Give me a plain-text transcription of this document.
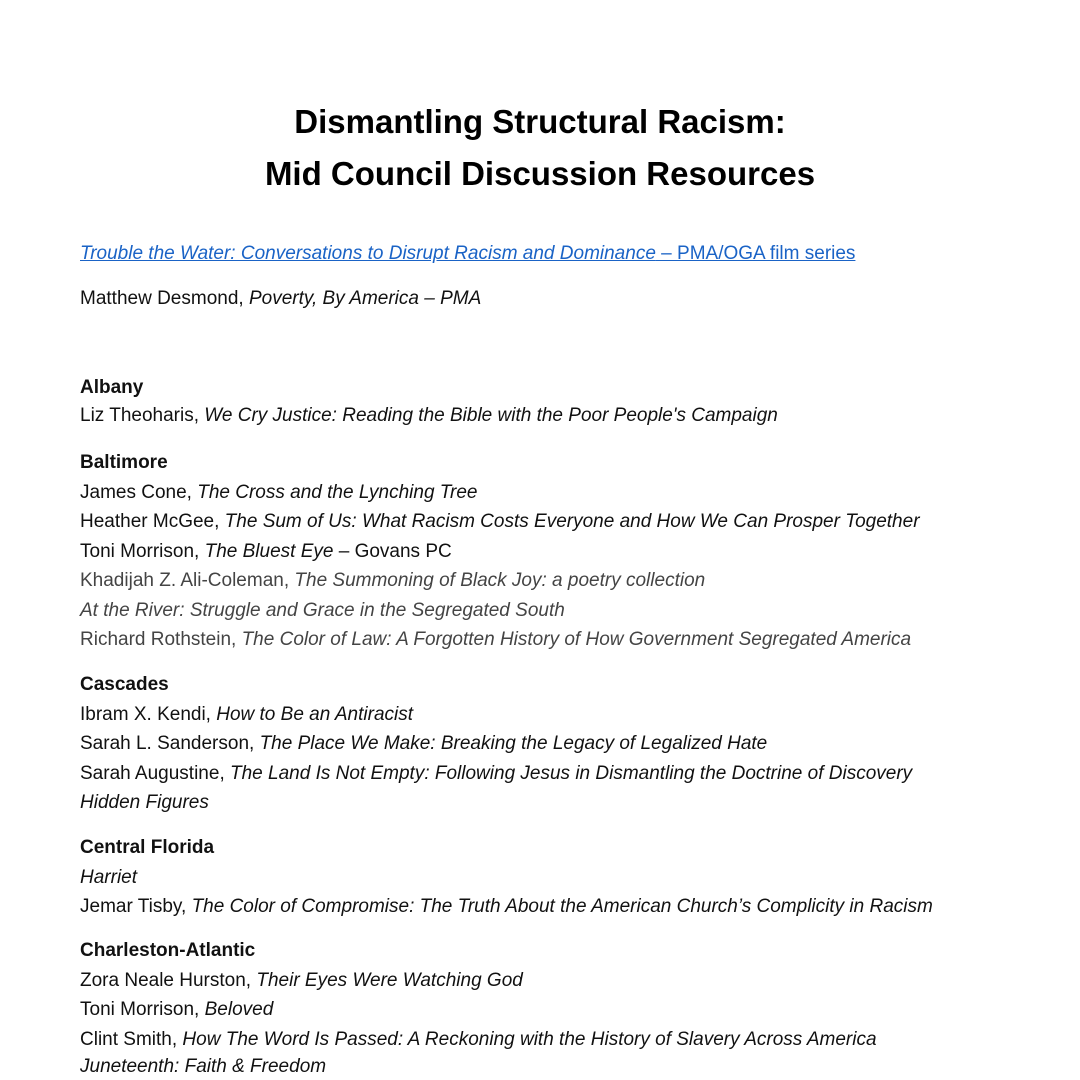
Dismantling Structural Racism:
Mid Council Discussion Resources
Trouble the Water: Conversations to Disrupt Racism and Dominance – PMA/OGA film series
Matthew Desmond, Poverty, By America – PMA
Albany
Liz Theoharis, We Cry Justice: Reading the Bible with the Poor People's Campaign
Baltimore
James Cone, The Cross and the Lynching Tree
Heather McGee, The Sum of Us: What Racism Costs Everyone and How We Can Prosper Together
Toni Morrison, The Bluest Eye – Govans PC
Khadijah Z. Ali-Coleman, The Summoning of Black Joy: a poetry collection
At the River: Struggle and Grace in the Segregated South
Richard Rothstein, The Color of Law: A Forgotten History of How Government Segregated America
Cascades
Ibram X. Kendi, How to Be an Antiracist
Sarah L. Sanderson, The Place We Make: Breaking the Legacy of Legalized Hate
Sarah Augustine, The Land Is Not Empty: Following Jesus in Dismantling the Doctrine of Discovery
Hidden Figures
Central Florida
Harriet
Jemar Tisby, The Color of Compromise: The Truth About the American Church’s Complicity in Racism
Charleston-Atlantic
Zora Neale Hurston, Their Eyes Were Watching God
Toni Morrison, Beloved
Clint Smith, How The Word Is Passed: A Reckoning with the History of Slavery Across America
Juneteenth: Faith & Freedom
